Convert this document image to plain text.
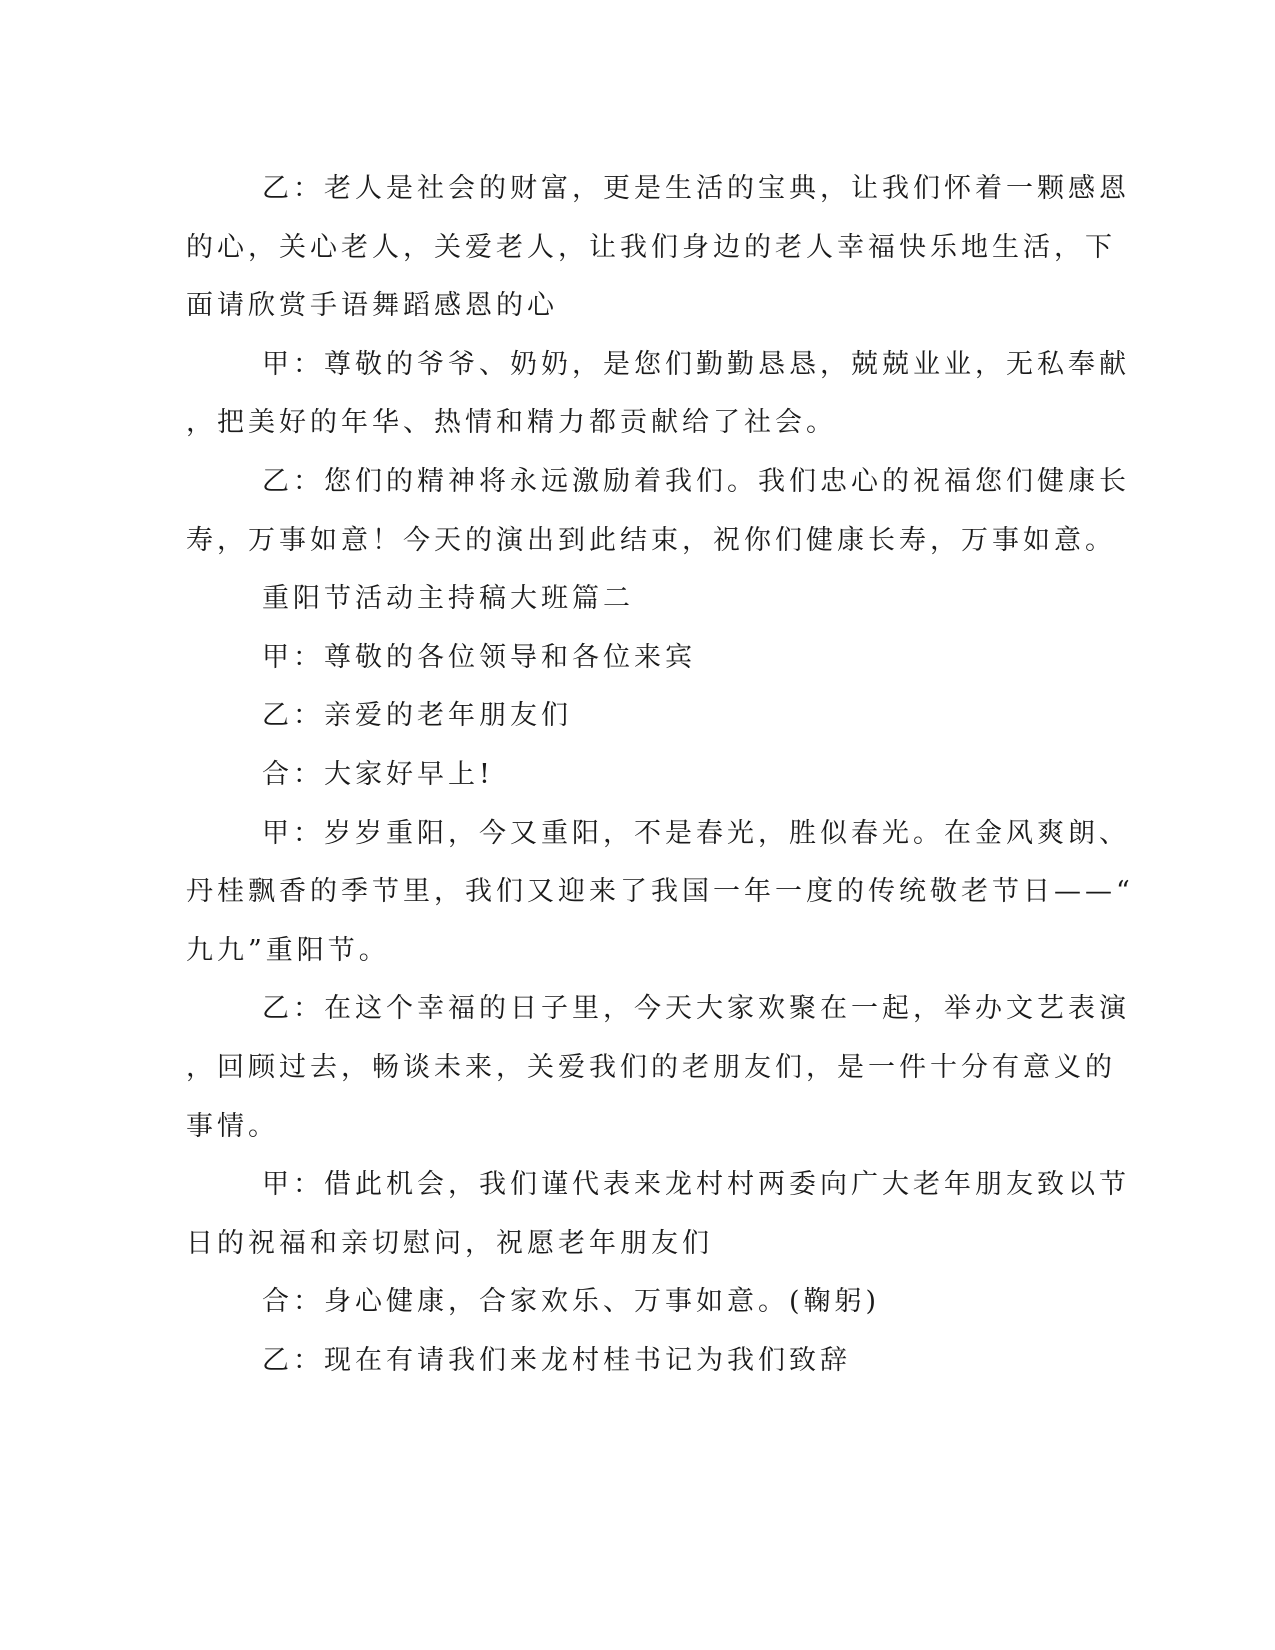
乙：老人是社会的财富，更是生活的宝典，让我们怀着一颗感恩
的心，关心老人，关爱老人，让我们身边的老人幸福快乐地生活，下
面请欣赏手语舞蹈感恩的心
甲：尊敬的爷爷、奶奶，是您们勤勤恳恳，兢兢业业，无私奉献
，把美好的年华、热情和精力都贡献给了社会。
乙：您们的精神将永远激励着我们。我们忠心的祝福您们健康长
寿，万事如意！今天的演出到此结束，祝你们健康长寿，万事如意。
重阳节活动主持稿大班篇二
甲：尊敬的各位领导和各位来宾
乙：亲爱的老年朋友们
合：大家好早上!
甲：岁岁重阳，今又重阳，不是春光，胜似春光。在金风爽朗、
丹桂飘香的季节里，我们又迎来了我国一年一度的传统敬老节日——“
九九”重阳节。
乙：在这个幸福的日子里，今天大家欢聚在一起，举办文艺表演
，回顾过去，畅谈未来，关爱我们的老朋友们，是一件十分有意义的
事情。
甲：借此机会，我们谨代表来龙村村两委向广大老年朋友致以节
日的祝福和亲切慰问，祝愿老年朋友们
合：身心健康，合家欢乐、万事如意。(鞠躬)
乙：现在有请我们来龙村桂书记为我们致辞
